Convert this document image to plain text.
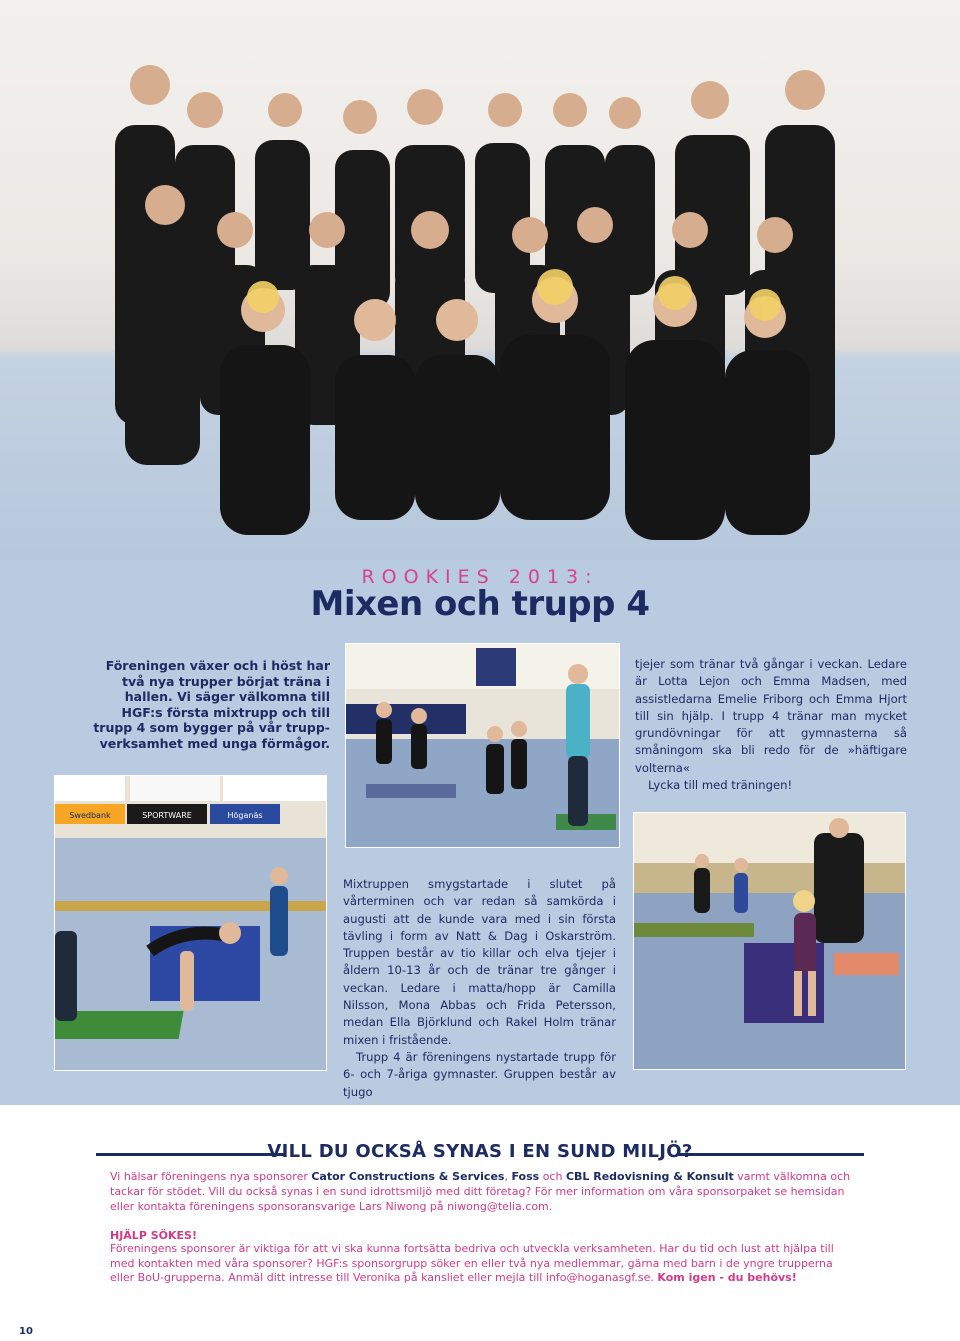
ROOKIES 2013:
Mixen och trupp 4
Föreningen växer och i höst har två nya trupper börjat träna i hallen. Vi säger välkomna till HGF:s första mixtrupp och till trupp 4 som bygger på vår trupp-verksamhet med unga förmågor.
Swedbank	SPORTWARE	Höganäs

tjejer som tränar två gångar i veckan. Ledare är Lotta Lejon och Emma Madsen, med assistledarna Emelie Friborg och Emma Hjort till sin hjälp. I trupp 4 tränar man mycket grundövningar för att gymnasterna så småningom ska bli redo för de »häftigare volterna«

Lycka till med träningen!

Mixtruppen smygstartade i slutet på vårterminen och var redan så samkörda i augusti att de kunde vara med i sin första tävling i form av Natt & Dag i Oskarström. Truppen består av tio killar och elva tjejer i åldern 10-13 år och de tränar tre gånger i veckan. Ledare i matta/hopp är Camilla Nilsson, Mona Abbas och Frida Petersson, medan Ella Björklund och Rakel Holm tränar mixen i fristående.

Trupp 4 är föreningens nystartade trupp för 6- och 7-åriga gymnaster. Gruppen består av tjugo

VILL DU OCKSÅ SYNAS I EN SUND MILJÖ?

Vi hälsar föreningens nya sponsorer Cator Constructions & Services, Foss och CBL Redovisning & Konsult varmt välkomna och tackar för stödet. Vill du också synas i en sund idrottsmiljö med ditt företag? För mer information om våra sponsorpaket se hemsidan eller kontakta föreningens sponsoransvarige Lars Niwong på niwong@telia.com.

HJÄLP SÖKES!

Föreningens sponsorer är viktiga för att vi ska kunna fortsätta bedriva och utveckla verksamheten. Har du tid och lust att hjälpa till med kontakten med våra sponsorer? HGF:s sponsorgrupp söker en eller två nya medlemmar, gärna med barn i de yngre trupperna eller BoU-grupperna. Anmäl ditt intresse till Veronika på kansliet eller mejla till info@hoganasgf.se. Kom igen - du behövs!

10
